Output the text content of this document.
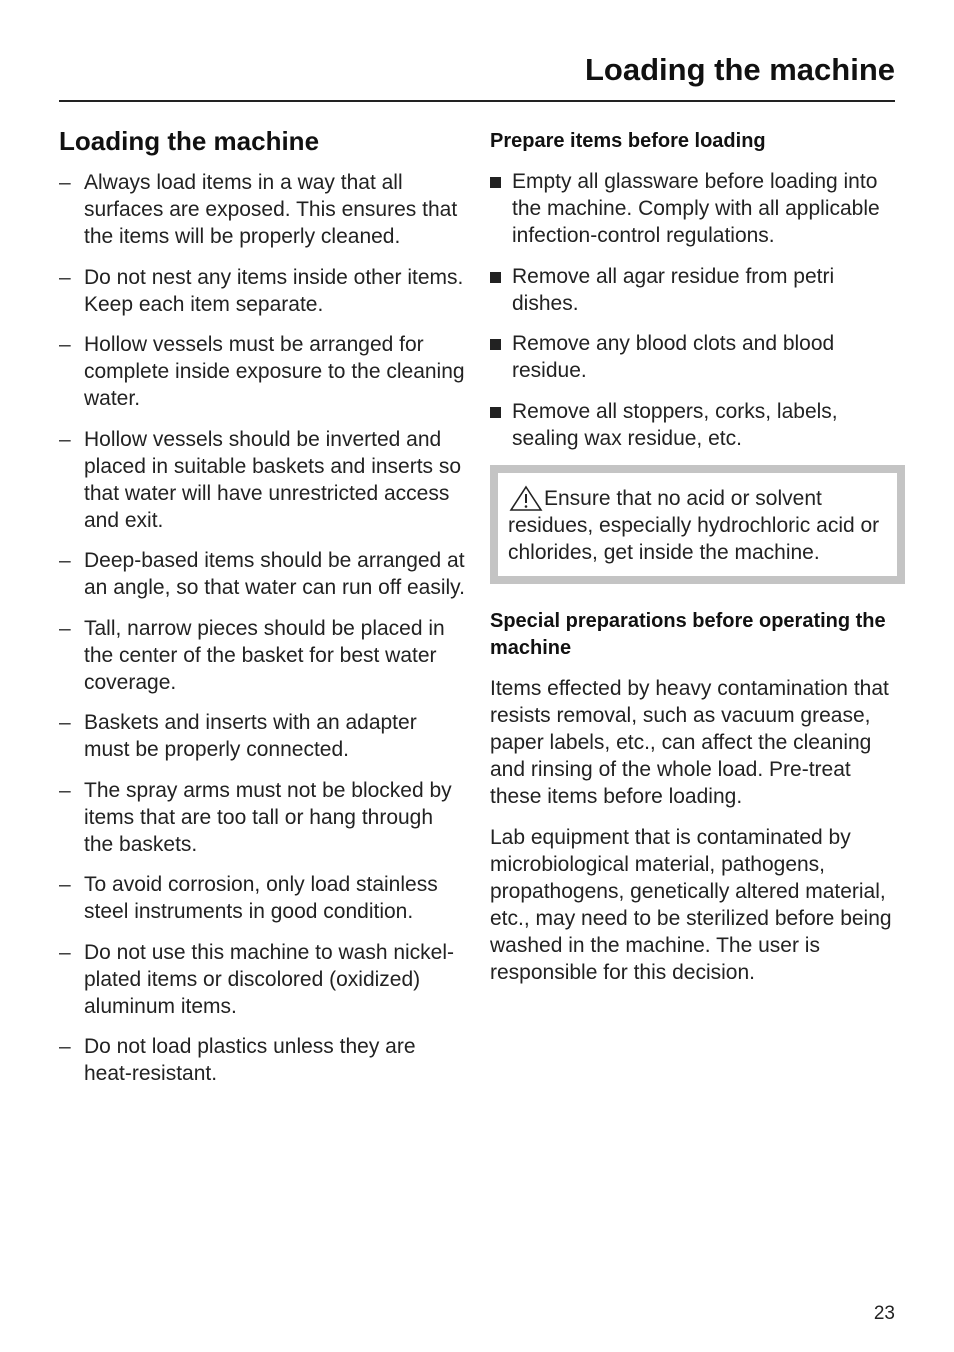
Loading the machine
Loading the machine
– Always load items in a way that all surfaces are exposed. This ensures that the items will be properly cleaned.
– Do not nest any items inside other items. Keep each item separate.
– Hollow vessels must be arranged for complete inside exposure to the cleaning water.
– Hollow vessels should be inverted and placed in suitable baskets and inserts so that water will have unrestricted access and exit.
– Deep-based items should be arranged at an angle, so that water can run off easily.
– Tall, narrow pieces should be placed in the center of the basket for best water coverage.
– Baskets and inserts with an adapter must be properly connected.
– The spray arms must not be blocked by items that are too tall or hang through the baskets.
– To avoid corrosion, only load stainless steel instruments in good condition.
– Do not use this machine to wash nickel-plated items or discolored (oxidized) aluminum items.
– Do not load plastics unless they are heat-resistant.
Prepare items before loading
Empty all glassware before loading into the machine. Comply with all applicable infection-control regulations.
Remove all agar residue from petri dishes.
Remove any blood clots and blood residue.
Remove all stoppers, corks, labels, sealing wax residue, etc.
Ensure that no acid or solvent residues, especially hydrochloric acid or chlorides, get inside the machine.
Special preparations before operating the machine

Items effected by heavy contamination that resists removal, such as vacuum grease, paper labels, etc., can affect the cleaning and rinsing of the whole load. Pre-treat these items before loading.

Lab equipment that is contaminated by microbiological material, pathogens, propathogens, genetically altered material, etc., may need to be sterilized before being washed in the machine. The user is responsible for this decision.

23
